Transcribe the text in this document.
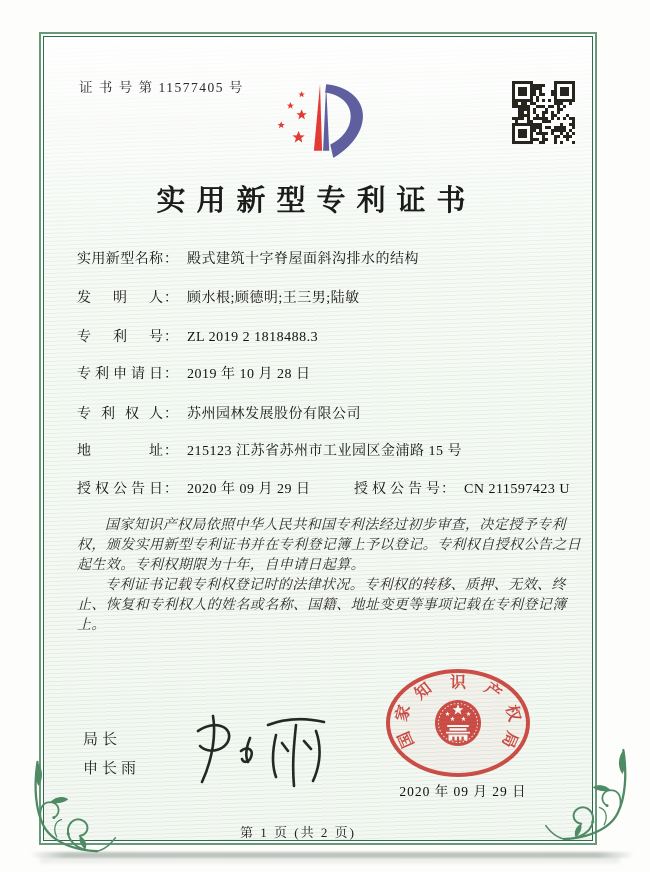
证 书 号 第 11577405 号
实用新型专利证书
实用新型名称： 殿式建筑十字脊屋面斜沟排水的结构
发明人： 顾水根;顾德明;王三男;陆敏
专利号： ZL 2019 2 1818488.3
专利申请日： 2019 年 10 月 28 日
专利权人： 苏州园林发展股份有限公司
地址： 215123 江苏省苏州市工业园区金浦路 15 号
授权公告日： 2020 年 09 月 29 日	授权公告号： CN 211597423 U

国家知识产权局依照中华人民共和国专利法经过初步审查，决定授予专利权，颁发实用新型专利证书并在专利登记簿上予以登记。专利权自授权公告之日起生效。专利权期限为十年，自申请日起算。

专利证书记载专利权登记时的法律状况。专利权的转移、质押、无效、终止、恢复和专利权人的姓名或名称、国籍、地址变更等事项记载在专利登记簿上。

局长
申长雨
国
家
知 识 产
权
局
2020 年 09 月 29 日
第 1 页 (共 2 页)
